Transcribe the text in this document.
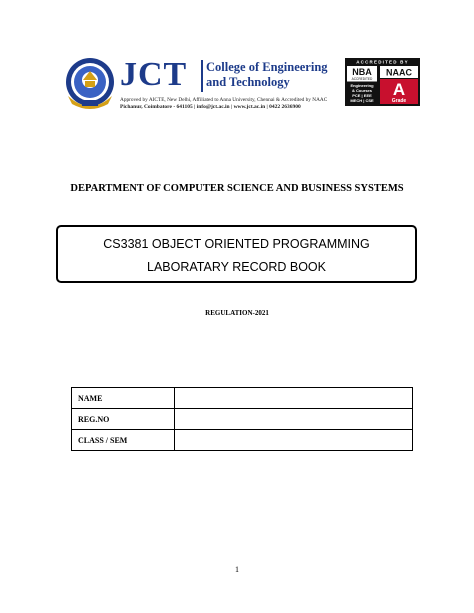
JCT College of Engineering
and Technology
Approved by AICTE, New Delhi, Affiliated to Anna University, Chennai & Accredited by NAAC
Pichanur, Coimbatore - 641105 | info@jct.ac.in | www.jct.ac.in | 0422 2636900
ACCREDITED BY
NBA
ACCREDITED
Engineering
& Courses
PCE | EEE
MECH | CSE
NAAC
A
Grade
DEPARTMENT OF COMPUTER SCIENCE AND BUSINESS SYSTEMS
CS3381 OBJECT ORIENTED PROGRAMMING
LABORATARY RECORD BOOK
REGULATION-2021
NAME	
REG.NO	
CLASS / SEM	
1
